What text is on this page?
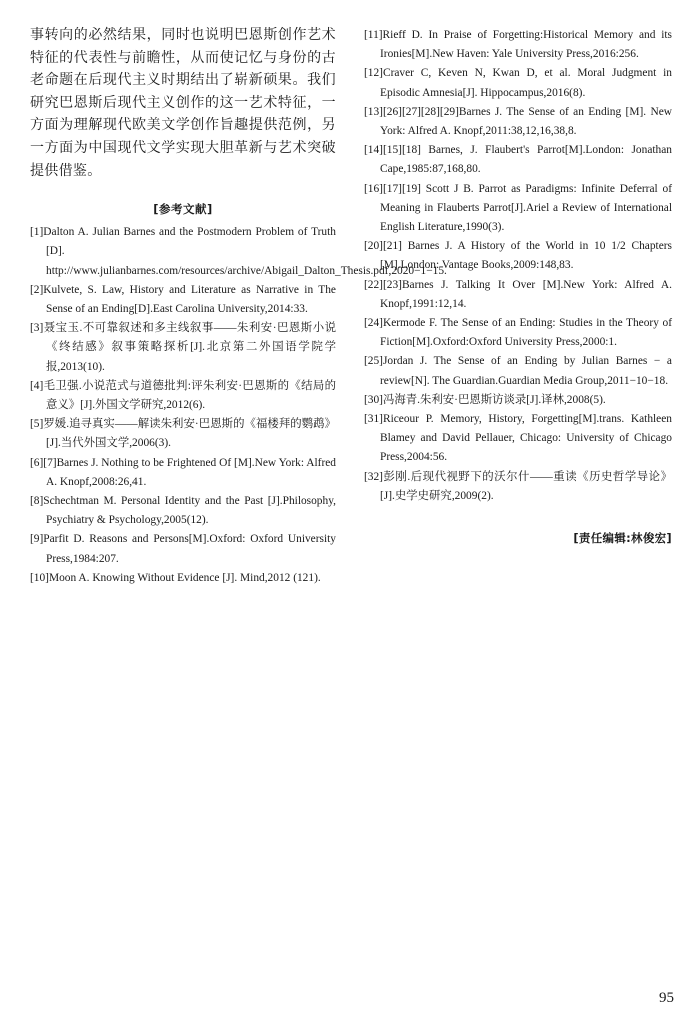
事转向的必然结果，同时也说明巴恩斯创作艺术特征的代表性与前瞻性，从而使记忆与身份的古老命题在后现代主义时期结出了崭新硕果。我们研究巴恩斯后现代主义创作的这一艺术特征，一方面为理解现代欧美文学创作旨趣提供范例，另一方面为中国现代文学实现大胆革新与艺术突破提供借鉴。

[参考文献]
[1]Dalton A. Julian Barnes and the Postmodern Problem of Truth [D]. http://www.julianbarnes.com/resources/archive/Abigail_Dalton_Thesis.pdf,2020−1−15.
[2]Kulvete, S. Law, History and Literature as Narrative in The Sense of an Ending[D].East Carolina University,2014:33.
[3]聂宝玉.不可靠叙述和多主线叙事——朱利安·巴恩斯小说《终结感》叙事策略探析[J].北京第二外国语学院学报,2013(10).
[4]毛卫强.小说范式与道德批判:评朱利安·巴恩斯的《结局的意义》[J].外国文学研究,2012(6).
[5]罗媛.追寻真实——解读朱利安·巴恩斯的《福楼拜的鹦鹉》[J].当代外国文学,2006(3).
[6][7]Barnes J. Nothing to be Frightened Of [M].New York: Alfred A. Knopf,2008:26,41.
[8]Schechtman M. Personal Identity and the Past [J].Philosophy, Psychiatry & Psychology,2005(12).
[9]Parfit D. Reasons and Persons[M].Oxford: Oxford University Press,1984:207.
[10]Moon A. Knowing Without Evidence [J]. Mind,2012 (121).
[11]Rieff D. In Praise of Forgetting:Historical Memory and its Ironies[M].New Haven: Yale University Press,2016:256.
[12]Craver C, Keven N, Kwan D, et al. Moral Judgment in Episodic Amnesia[J]. Hippocampus,2016(8).
[13][26][27][28][29]Barnes J. The Sense of an Ending [M]. New York: Alfred A. Knopf,2011:38,12,16,38,8.
[14][15][18] Barnes, J. Flaubert's Parrot[M].London: Jonathan Cape,1985:87,168,80.
[16][17][19] Scott J B. Parrot as Paradigms: Infinite Deferral of Meaning in Flauberts Parrot[J].Ariel a Review of International English Literature,1990(3).
[20][21] Barnes J. A History of the World in 10 1/2 Chapters [M].London: Vantage Books,2009:148,83.
[22][23]Barnes J. Talking It Over [M].New York: Alfred A. Knopf,1991:12,14.
[24]Kermode F. The Sense of an Ending: Studies in the Theory of Fiction[M].Oxford:Oxford University Press,2000:1.
[25]Jordan J. The Sense of an Ending by Julian Barnes − a review[N]. The Guardian.Guardian Media Group,2011−10−18.
[30]冯海青.朱利安·巴恩斯访谈录[J].译林,2008(5).
[31]Riceour P. Memory, History, Forgetting[M].trans. Kathleen Blamey and David Pellauer, Chicago: University of Chicago Press,2004:56.
[32]彭刚.后现代视野下的沃尔什——重读《历史哲学导论》[J].史学史研究,2009(2).
[责任编辑:林俊宏]
95
